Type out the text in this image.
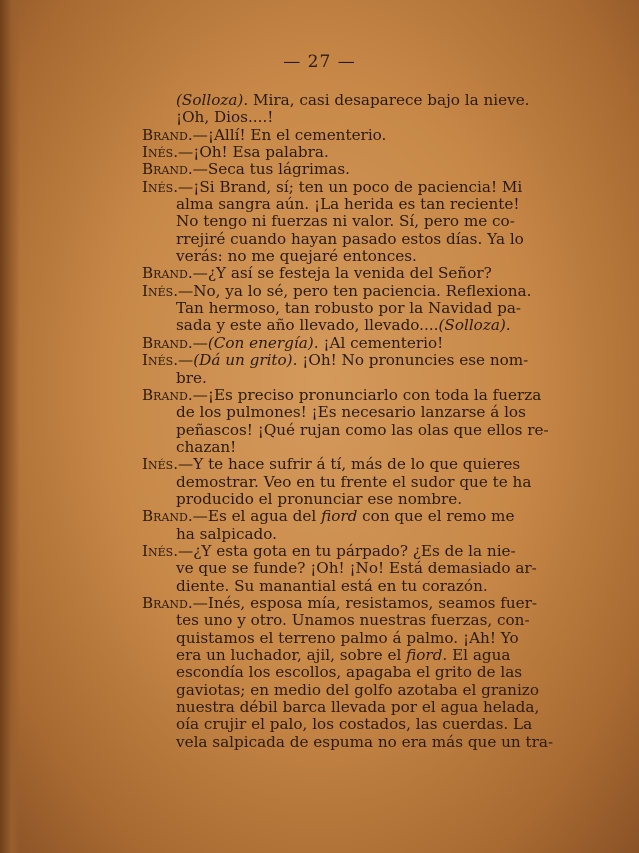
— 27 —
(Solloza). Mira, casi desaparece bajo la nieve.
¡Oh, Dios....!
Brand.—¡Allí! En el cementerio.
Inés.—¡Oh! Esa palabra.
Brand.—Seca tus lágrimas.
Inés.—¡Si Brand, sí; ten un poco de paciencia! Mi
alma sangra aún. ¡La herida es tan reciente!
No tengo ni fuerzas ni valor. Sí, pero me co-
rrejiré cuando hayan pasado estos días. Ya lo
verás: no me quejaré entonces.
Brand.—¿Y así se festeja la venida del Señor?
Inés.—No, ya lo sé, pero ten paciencia. Reflexiona.
Tan hermoso, tan robusto por la Navidad pa-
sada y este año llevado, llevado....(Solloza).
Brand.—(Con energía). ¡Al cementerio!
Inés.—(Dá un grito). ¡Oh! No pronuncies ese nom-
bre.
Brand.—¡Es preciso pronunciarlo con toda la fuerza
de los pulmones! ¡Es necesario lanzarse á los
peñascos! ¡Qué rujan como las olas que ellos re-
chazan!
Inés.—Y te hace sufrir á tí, más de lo que quieres
demostrar. Veo en tu frente el sudor que te ha
producido el pronunciar ese nombre.
Brand.—Es el agua del fiord con que el remo me
ha salpicado.
Inés.—¿Y esta gota en tu párpado? ¿Es de la nie-
ve que se funde? ¡Oh! ¡No! Está demasiado ar-
diente. Su manantial está en tu corazón.
Brand.—Inés, esposa mía, resistamos, seamos fuer-
tes uno y otro. Unamos nuestras fuerzas, con-
quistamos el terreno palmo á palmo. ¡Ah! Yo
era un luchador, ajil, sobre el fiord. El agua
escondía los escollos, apagaba el grito de las
gaviotas; en medio del golfo azotaba el granizo
nuestra débil barca llevada por el agua helada,
oía crujir el palo, los costados, las cuerdas. La
vela salpicada de espuma no era más que un tra-
